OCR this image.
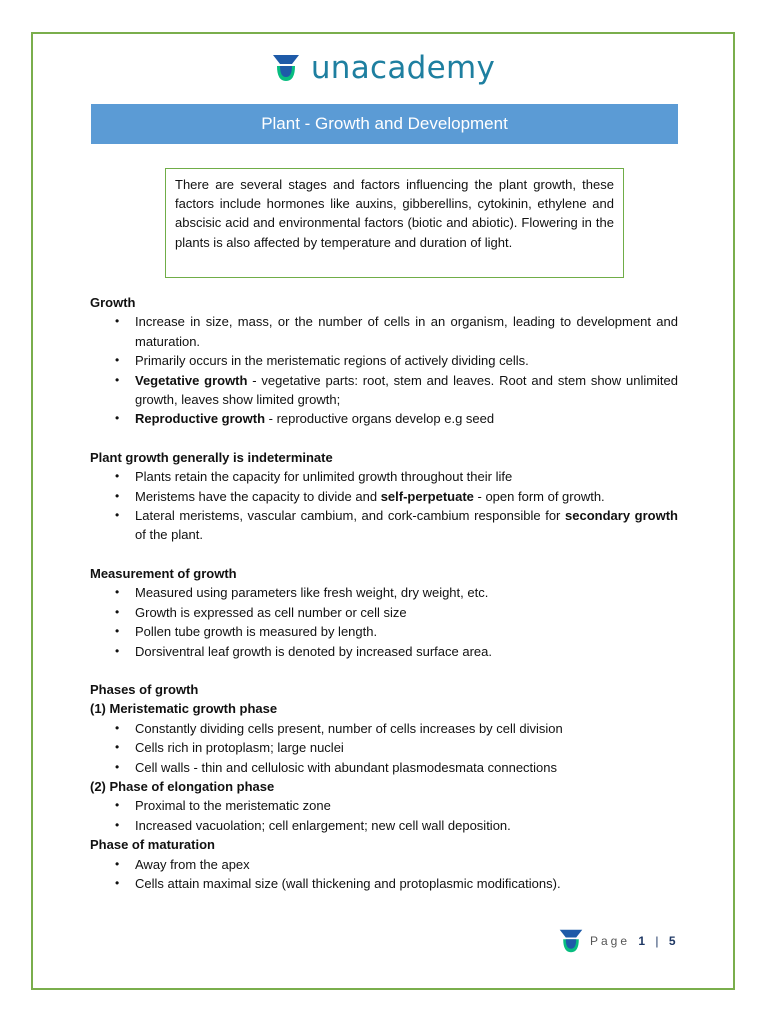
unacademy
Plant - Growth and Development
There are several stages and factors influencing the plant growth, these factors include hormones like auxins, gibberellins, cytokinin, ethylene and abscisic acid and environmental factors (biotic and abiotic). Flowering in the plants is also affected by temperature and duration of light.
Growth
• Increase in size, mass, or the number of cells in an organism, leading to development and maturation.
• Primarily occurs in the meristematic regions of actively dividing cells.
• Vegetative growth - vegetative parts: root, stem and leaves. Root and stem show unlimited growth, leaves show limited growth;
• Reproductive growth - reproductive organs develop e.g seed
Plant growth generally is indeterminate
• Plants retain the capacity for unlimited growth throughout their life
• Meristems have the capacity to divide and self-perpetuate - open form of growth.
• Lateral meristems, vascular cambium, and cork-cambium responsible for secondary growth of the plant.
Measurement of growth
• Measured using parameters like fresh weight, dry weight, etc.
• Growth is expressed as cell number or cell size
• Pollen tube growth is measured by length.
• Dorsiventral leaf growth is denoted by increased surface area.
Phases of growth
(1) Meristematic growth phase
• Constantly dividing cells present, number of cells increases by cell division
• Cells rich in protoplasm; large nuclei
• Cell walls - thin and cellulosic with abundant plasmodesmata connections
(2) Phase of elongation phase
• Proximal to the meristematic zone
• Increased vacuolation; cell enlargement; new cell wall deposition.
Phase of maturation
• Away from the apex
• Cells attain maximal size (wall thickening and protoplasmic modifications).
Page 1 | 5
